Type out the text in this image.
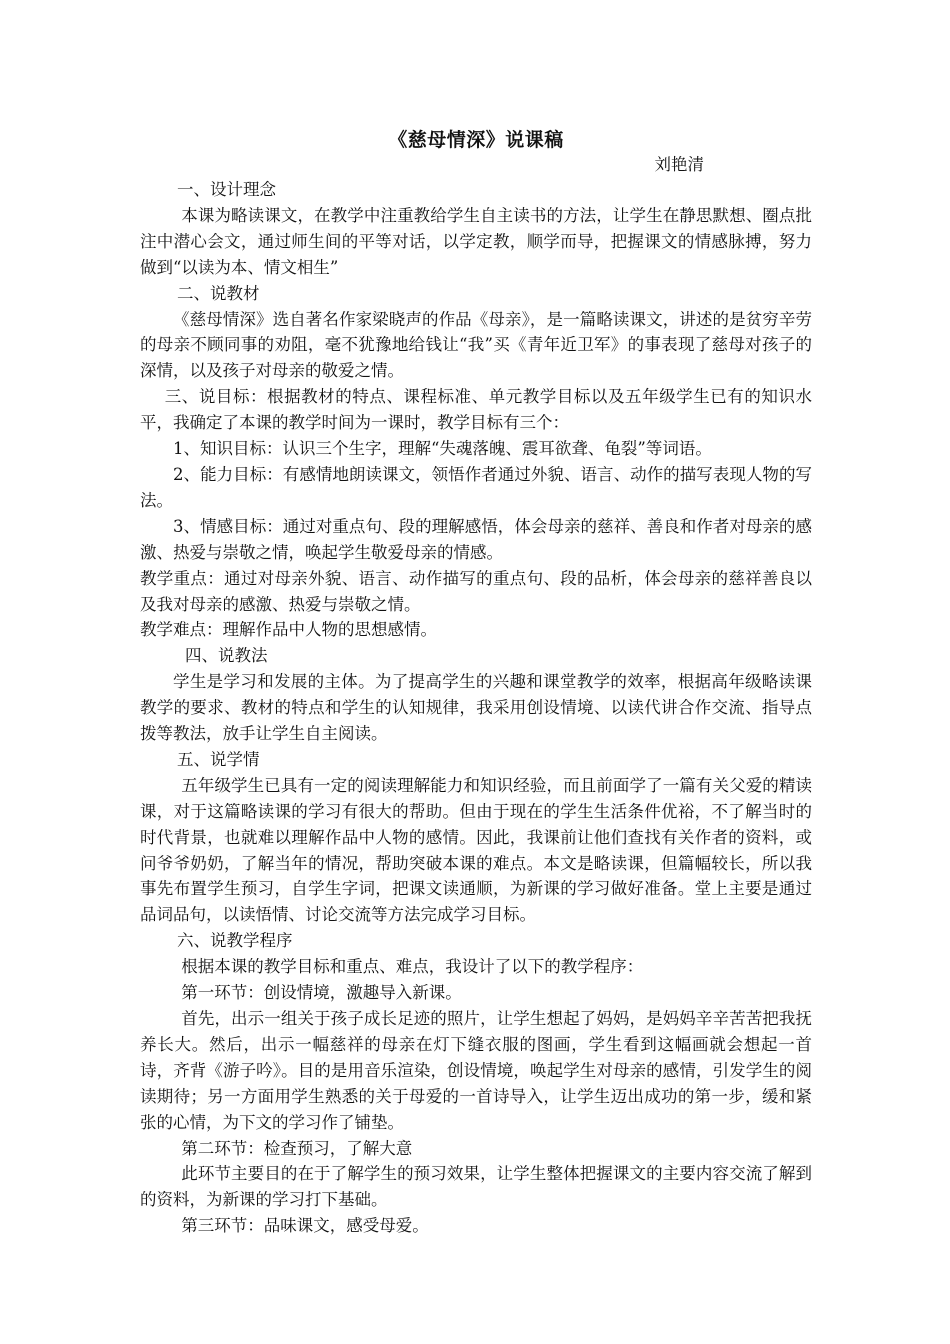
《慈母情深》说课稿
刘艳清

一、设计理念

本课为略读课文，在教学中注重教给学生自主读书的方法，让学生在静思默想、圈点批注中潜心会文，通过师生间的平等对话，以学定教，顺学而导，把握课文的情感脉搏，努力做到“以读为本、情文相生”

二、说教材

《慈母情深》选自著名作家梁晓声的作品《母亲》，是一篇略读课文，讲述的是贫穷辛劳的母亲不顾同事的劝阻，毫不犹豫地给钱让“我”买《青年近卫军》的事表现了慈母对孩子的深情，以及孩子对母亲的敬爱之情。

三、说目标：根据教材的特点、课程标准、单元教学目标以及五年级学生已有的知识水平，我确定了本课的教学时间为一课时，教学目标有三个：

1、知识目标：认识三个生字，理解“失魂落魄、震耳欲聋、龟裂”等词语。

2、能力目标：有感情地朗读课文，领悟作者通过外貌、语言、动作的描写表现人物的写法。

3、情感目标：通过对重点句、段的理解感悟，体会母亲的慈祥、善良和作者对母亲的感激、热爱与崇敬之情，唤起学生敬爱母亲的情感。

教学重点：通过对母亲外貌、语言、动作描写的重点句、段的品析，体会母亲的慈祥善良以及我对母亲的感激、热爱与崇敬之情。

教学难点：理解作品中人物的思想感情。

四、说教法

学生是学习和发展的主体。为了提高学生的兴趣和课堂教学的效率，根据高年级略读课教学的要求、教材的特点和学生的认知规律，我采用创设情境、以读代讲合作交流、指导点拨等教法，放手让学生自主阅读。

五、说学情

五年级学生已具有一定的阅读理解能力和知识经验，而且前面学了一篇有关父爱的精读课，对于这篇略读课的学习有很大的帮助。但由于现在的学生生活条件优裕，不了解当时的时代背景，也就难以理解作品中人物的感情。因此，我课前让他们查找有关作者的资料，或问爷爷奶奶，了解当年的情况，帮助突破本课的难点。本文是略读课，但篇幅较长，所以我事先布置学生预习，自学生字词，把课文读通顺，为新课的学习做好准备。堂上主要是通过品词品句，以读悟情、讨论交流等方法完成学习目标。

六、说教学程序

根据本课的教学目标和重点、难点，我设计了以下的教学程序：

第一环节：创设情境，激趣导入新课。

首先，出示一组关于孩子成长足迹的照片，让学生想起了妈妈，是妈妈辛辛苦苦把我抚养长大。然后，出示一幅慈祥的母亲在灯下缝衣服的图画，学生看到这幅画就会想起一首诗，齐背《游子吟》。目的是用音乐渲染，创设情境，唤起学生对母亲的感情，引发学生的阅读期待；另一方面用学生熟悉的关于母爱的一首诗导入，让学生迈出成功的第一步，缓和紧张的心情，为下文的学习作了铺垫。

第二环节：检查预习，了解大意

此环节主要目的在于了解学生的预习效果，让学生整体把握课文的主要内容交流了解到的资料，为新课的学习打下基础。

第三环节：品味课文，感受母爱。
